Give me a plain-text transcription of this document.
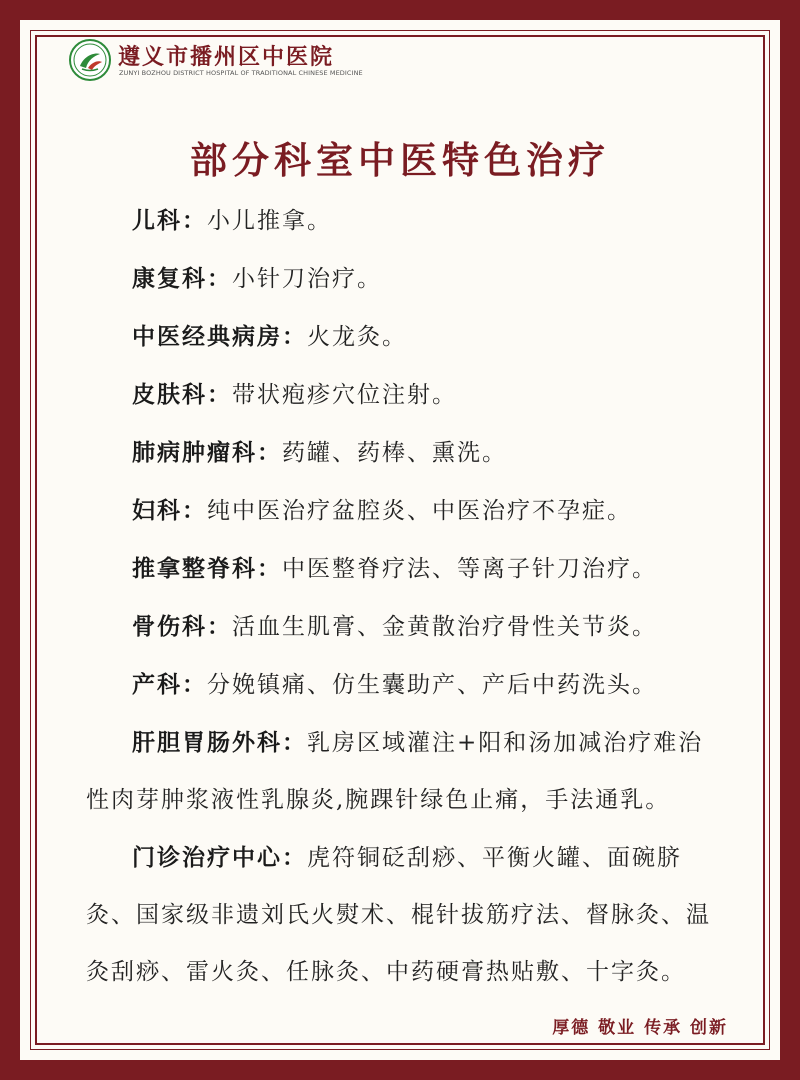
遵义市播州区中医院
ZUNYI BOZHOU DISTRICT HOSPITAL OF TRADITIONAL CHINESE MEDICINE
部分科室中医特色治疗

儿科：小儿推拿。

康复科：小针刀治疗。

中医经典病房：火龙灸。

皮肤科：带状疱疹穴位注射。

肺病肿瘤科：药罐、药棒、熏洗。

妇科：纯中医治疗盆腔炎、中医治疗不孕症。

推拿整脊科：中医整脊疗法、等离子针刀治疗。

骨伤科：活血生肌膏、金黄散治疗骨性关节炎。

产科：分娩镇痛、仿生囊助产、产后中药洗头。

肝胆胃肠外科：乳房区域灌注+阳和汤加减治疗难治性肉芽肿浆液性乳腺炎,腕踝针绿色止痛，手法通乳。

门诊治疗中心：虎符铜砭刮痧、平衡火罐、面碗脐灸、国家级非遗刘氏火熨术、棍针拔筋疗法、督脉灸、温灸刮痧、雷火灸、任脉灸、中药硬膏热贴敷、十字灸。

厚德 敬业 传承 创新
